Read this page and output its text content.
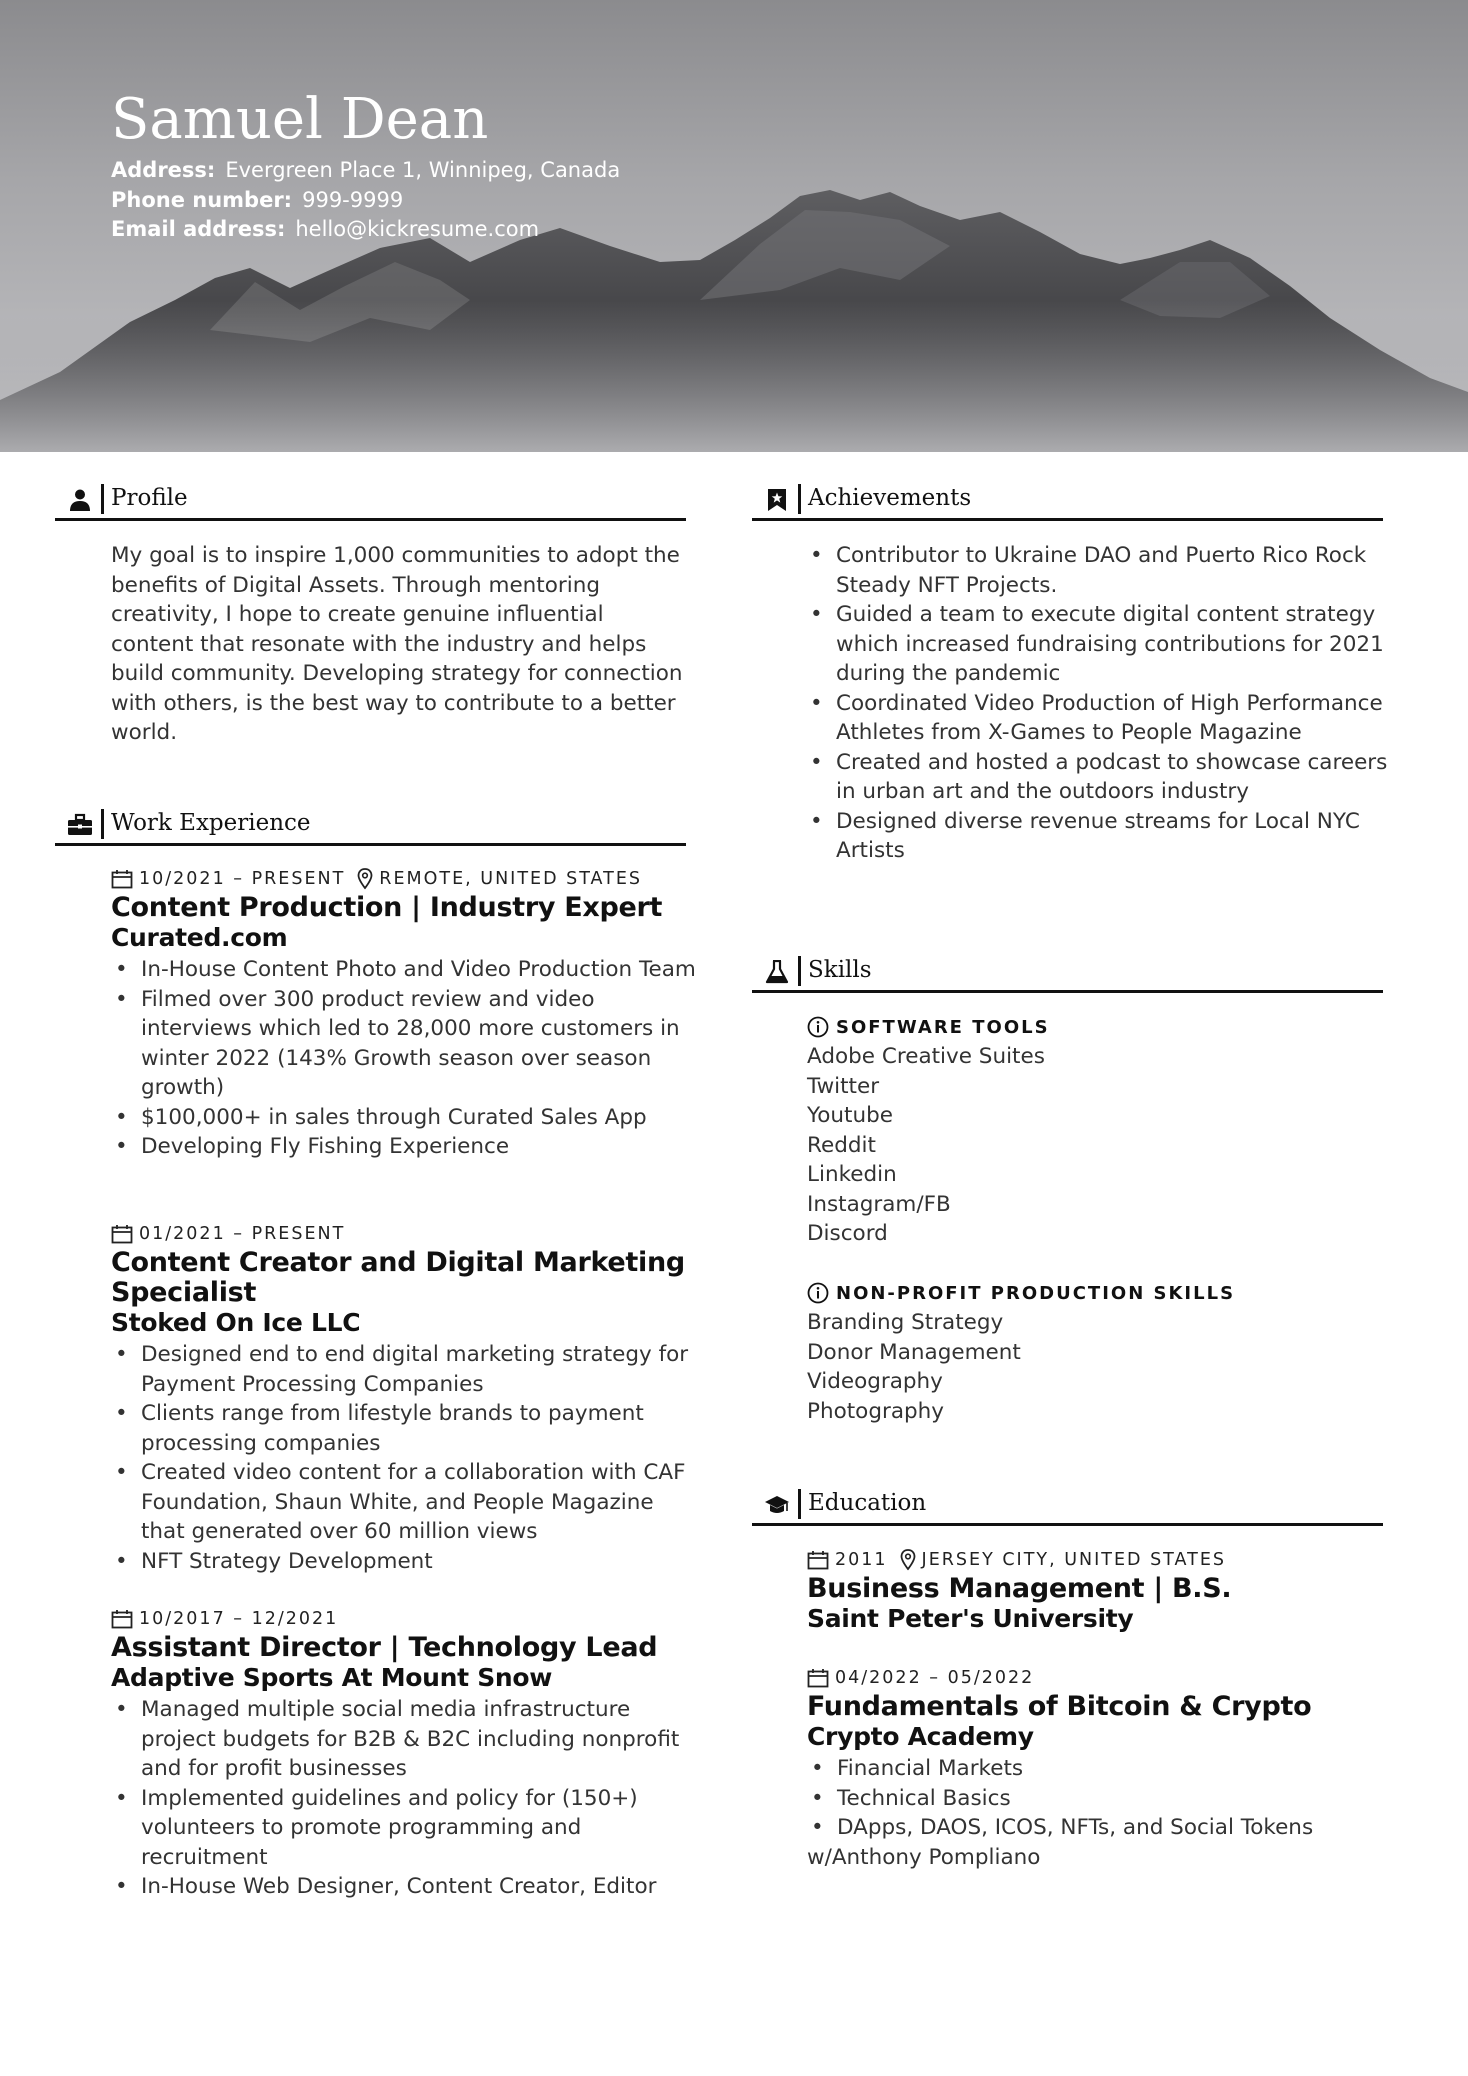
Samuel Dean
Address: Evergreen Place 1, Winnipeg, Canada
Phone number: 999-9999
Email address: hello@kickresume.com
Profile

My goal is to inspire 1,000 communities to adopt the benefits of Digital Assets. Through mentoring creativity, I hope to create genuine influential content that resonate with the industry and helps build community. Developing strategy for connection with others, is the best way to contribute to a better world.

Work Experience
10/2021 – PRESENT REMOTE, UNITED STATES
Content Production | Industry Expert
Curated.com
• In-House Content Photo and Video Production Team
• Filmed over 300 product review and video interviews which led to 28,000 more customers in winter 2022 (143% Growth season over season growth)
• $100,000+ in sales through Curated Sales App
• Developing Fly Fishing Experience
01/2021 – PRESENT
Content Creator and Digital Marketing Specialist
Stoked On Ice LLC
• Designed end to end digital marketing strategy for Payment Processing Companies
• Clients range from lifestyle brands to payment processing companies
• Created video content for a collaboration with CAF Foundation, Shaun White, and People Magazine that generated over 60 million views
• NFT Strategy Development
10/2017 – 12/2021
Assistant Director | Technology Lead
Adaptive Sports At Mount Snow
• Managed multiple social media infrastructure project budgets for B2B & B2C including nonprofit and for profit businesses
• Implemented guidelines and policy for (150+) volunteers to promote programming and recruitment
• In-House Web Designer, Content Creator, Editor
Achievements
• Contributor to Ukraine DAO and Puerto Rico Rock Steady NFT Projects.
• Guided a team to execute digital content strategy which increased fundraising contributions for 2021 during the pandemic
• Coordinated Video Production of High Performance Athletes from X-Games to People Magazine
• Created and hosted a podcast to showcase careers in urban art and the outdoors industry
• Designed diverse revenue streams for Local NYC Artists
Skills
SOFTWARE TOOLS
Adobe Creative Suites
Twitter
Youtube
Reddit
Linkedin
Instagram/FB
Discord
NON-PROFIT PRODUCTION SKILLS
Branding Strategy
Donor Management
Videography
Photography
Education
2011 JERSEY CITY, UNITED STATES
Business Management | B.S.
Saint Peter's University
04/2022 – 05/2022
Fundamentals of Bitcoin & Crypto
Crypto Academy
• Financial Markets
• Technical Basics
• DApps, DAOS, ICOS, NFTs, and Social Tokens
w/Anthony Pompliano
